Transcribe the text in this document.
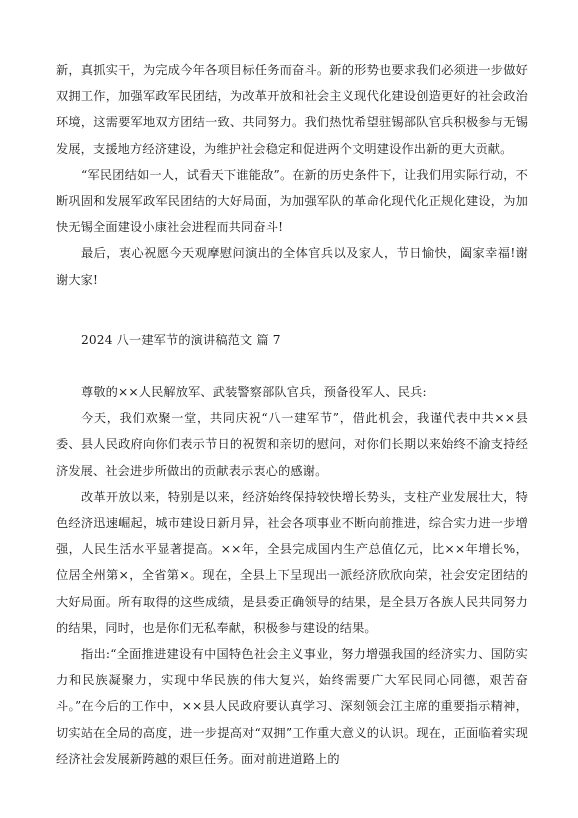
新，真抓实干，为完成今年各项目标任务而奋斗。新的形势也要求我们必须进一步做好双拥工作，加强军政军民团结，为改革开放和社会主义现代化建设创造更好的社会政治环境，这需要军地双方团结一致、共同努力。我们热忱希望驻锡部队官兵积极参与无锡发展，支援地方经济建设，为维护社会稳定和促进两个文明建设作出新的更大贡献。

“军民团结如一人，试看天下谁能敌”。在新的历史条件下，让我们用实际行动，不断巩固和发展军政军民团结的大好局面，为加强军队的革命化现代化正规化建设，为加快无锡全面建设小康社会进程而共同奋斗!

最后，衷心祝愿今天观摩慰问演出的全体官兵以及家人，节日愉快，阖家幸福!谢谢大家!

2024 八一建军节的演讲稿范文 篇 7

尊敬的××人民解放军、武装警察部队官兵，预备役军人、民兵:

今天，我们欢聚一堂，共同庆祝“八一建军节”，借此机会，我谨代表中共××县委、县人民政府向你们表示节日的祝贺和亲切的慰问，对你们长期以来始终不渝支持经济发展、社会进步所做出的贡献表示衷心的感谢。

改革开放以来，特别是以来，经济始终保持较快增长势头，支柱产业发展壮大，特色经济迅速崛起，城市建设日新月异，社会各项事业不断向前推进，综合实力进一步增强，人民生活水平显著提高。××年，全县完成国内生产总值亿元，比××年增长%，位居全州第×，全省第×。现在，全县上下呈现出一派经济欣欣向荣，社会安定团结的大好局面。所有取得的这些成绩，是县委正确领导的结果，是全县万各族人民共同努力的结果，同时，也是你们无私奉献，积极参与建设的结果。

指出:“全面推进建设有中国特色社会主义事业，努力增强我国的经济实力、国防实力和民族凝聚力，实现中华民族的伟大复兴，始终需要广大军民同心同德，艰苦奋斗。”在今后的工作中，××县人民政府要认真学习、深刻领会江主席的重要指示精神，切实站在全局的高度，进一步提高对“双拥”工作重大意义的认识。现在，正面临着实现经济社会发展新跨越的艰巨任务。面对前进道路上的
